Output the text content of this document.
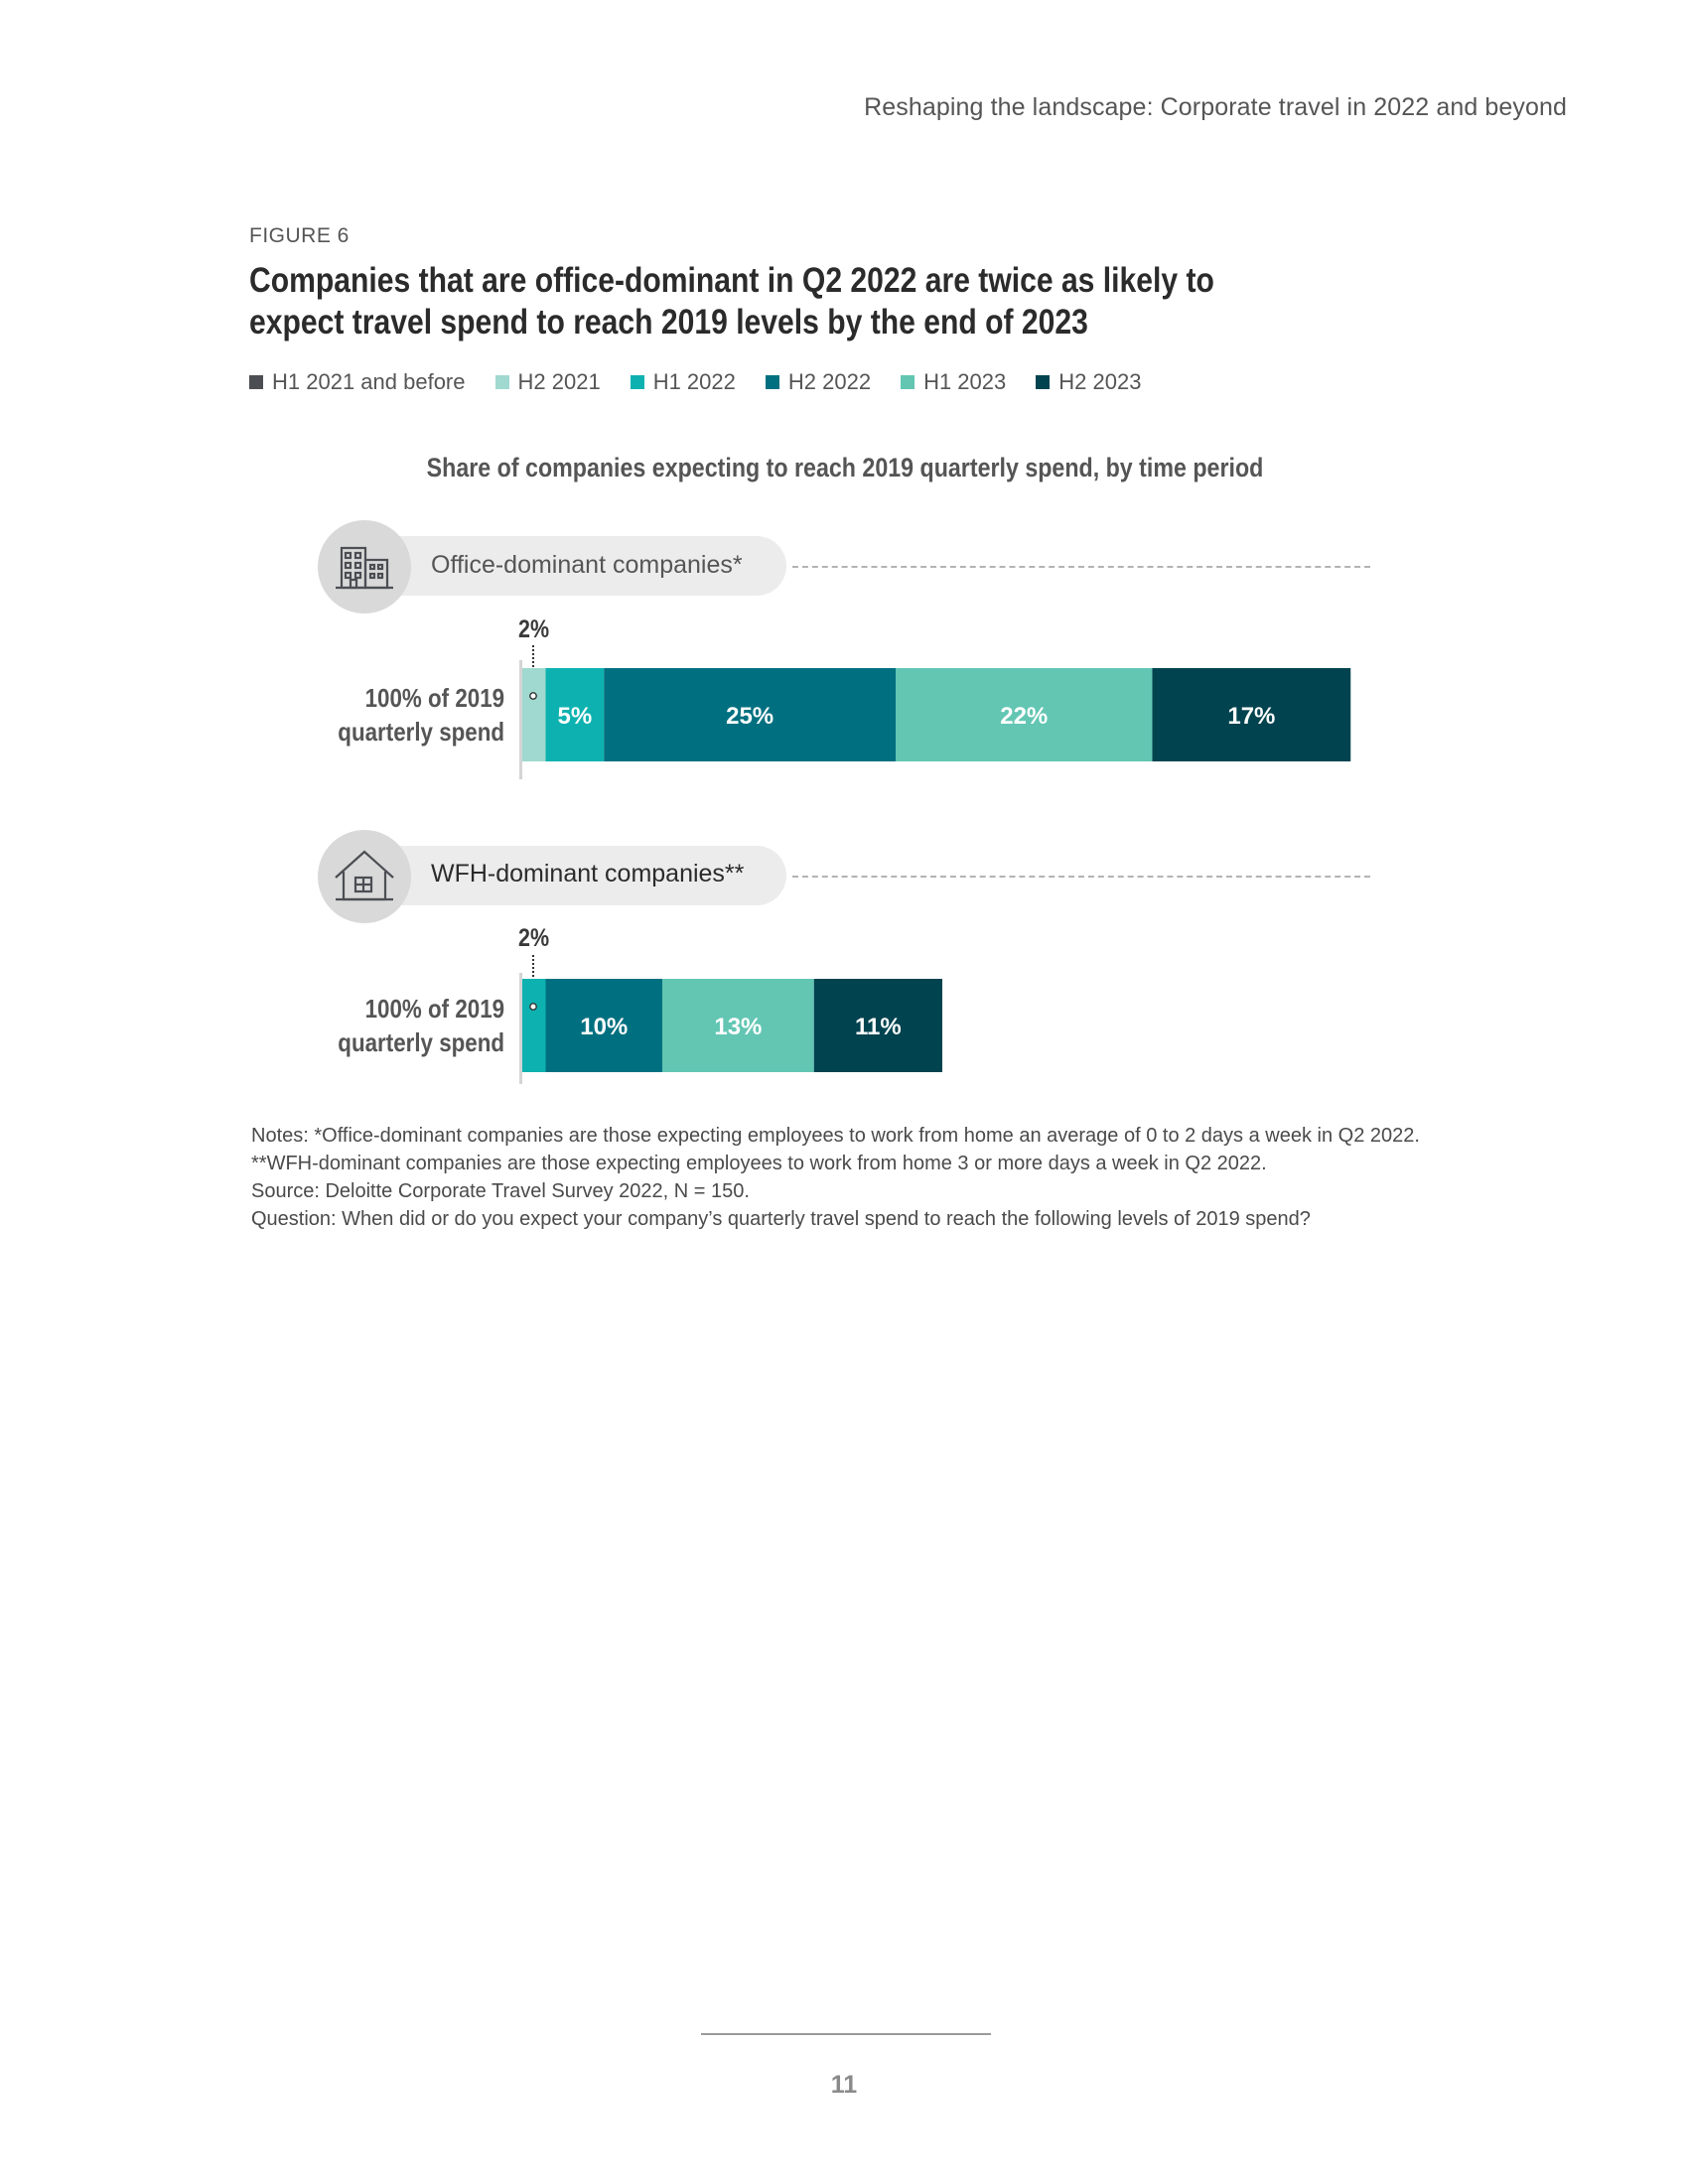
Reshaping the landscape: Corporate travel in 2022 and beyond
FIGURE 6
Companies that are office-dominant in Q2 2022 are twice as likely to expect travel spend to reach 2019 levels by the end of 2023
H1 2021 and before H2 2021 H1 2022 H2 2022 H1 2023 H2 2023
Share of companies expecting to reach 2019 quarterly spend, by time period
Office-dominant companies*
2%
100% of 2019
quarterly spend
WFH-dominant companies**
2%
100% of 2019
quarterly spend
5%	25%	22%	17%
10%	13%	11%

Notes: *Office-dominant companies are those expecting employees to work from home an average of 0 to 2 days a week in Q2 2022.

**WFH-dominant companies are those expecting employees to work from home 3 or more days a week in Q2 2022.

Source: Deloitte Corporate Travel Survey 2022, N = 150.

Question: When did or do you expect your company’s quarterly travel spend to reach the following levels of 2019 spend?

11
